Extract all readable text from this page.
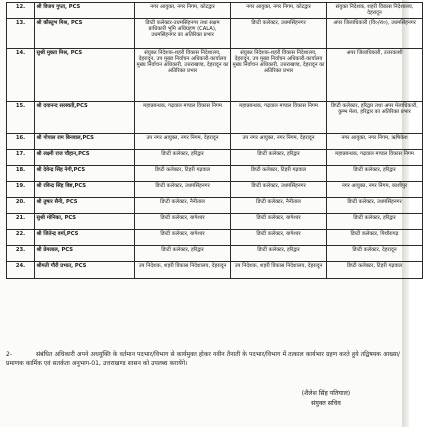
12.	श्री विजय गुप्ता, PCS	नगर आयुक्त, नगर निगम, कोटद्वार	नगर आयुक्त, नगर निगम, कोटद्वार	संयुक्त निदेशक, शहरी विकास निदेशालय, देहरादून
13.	श्री कौस्तुभ मिश्र, PCS	डिप्टी कलेक्टर-उधमसिंहनगर तथा सक्षम प्राधिकारी भूमि अधिग्रहण (CALA), उधमसिंहनगर का अतिरिक्त प्रभार	डिप्टी कलेक्टर, उधमसिंहनगर	अपर जिलाधिकारी (वि०/रा०), उधमसिंहनगर
14.	सुश्री मुक्ता मिश्र, PCS	संयुक्त निदेशक-शहरी विकास निदेशालय, देहरादून, उप मुख्य निर्वाचन अधिकारी-कार्यालय मुख्य निर्वाचन अधिकारी, उत्तराखण्ड, देहरादून का अतिरिक्त प्रभार	संयुक्त निदेशक-शहरी विकास निदेशालय, देहरादून, उप मुख्य निर्वाचन अधिकारी-कार्यालय मुख्य निर्वाचन अधिकारी, उत्तराखण्ड, देहरादून का अतिरिक्त प्रभार	अपर जिलाधिकारी, उत्तरकाशी
15.	श्री दयानन्द सरस्वती,PCS	महाप्रबन्धक, गढ़वाल मण्डल विकास निगम	महाप्रबन्धक, गढ़वाल मण्डल विकास निगम	डिप्टी कलेक्टर, हरिद्वार तथा अपर मेलाधिकारी, कुम्भ मेला, हरिद्वार का अतिरिक्त प्रभार
16.	श्री गोपाल राम बिनवाल,PCS	उप नगर आयुक्त, नगर निगम, देहरादून	उप नगर आयुक्त, नगर निगम, देहरादून	नगर आयुक्त, नगर निगम, ऋषिकेश
17.	श्री लक्ष्मी राज चौहान,PCS	डिप्टी कलेक्टर, हरिद्वार	डिप्टी कलेक्टर, हरिद्वार	महाप्रबन्धक, गढ़वाल मण्डल विकास निगम
18.	श्री देवेन्द्र सिंह नेगी,PCS	डिप्टी कलेक्टर, टिहरी गढ़वाल	डिप्टी कलेक्टर, टिहरी गढ़वाल	डिप्टी कलेक्टर, हरिद्वार
19.	श्री रविन्द्र सिंह बिष्ट,PCS	डिप्टी कलेक्टर, उधमसिंहनगर	डिप्टी कलेक्टर, उधमसिंहनगर	नगर आयुक्त, नगर निगम, काशीपुर
20.	श्री तुषार सैनी, PCS	डिप्टी कलेक्टर, नैनीताल	डिप्टी कलेक्टर, नैनीताल	डिप्टी कलेक्टर, उधमसिंहनगर
21.	सुश्री मोनिका, PCS	डिप्टी कलेक्टर, बागेश्वर	डिप्टी कलेक्टर, बागेश्वर	डिप्टी कलेक्टर, हरिद्वार
22.	श्री जितेन्द्र वर्मा,PCS	डिप्टी कलेक्टर, बागेश्वर	डिप्टी कलेक्टर, बागेश्वर	डिप्टी कलेक्टर, पिथौरागढ़
23.	श्री प्रेमलाल, PCS	डिप्टी कलेक्टर, हरिद्वार	डिप्टी कलेक्टर, हरिद्वार	डिप्टी कलेक्टर, देहरादून
24.	श्रीमती गौरी प्रभात, PCS	उप निदेशक, शहरी विकास निदेशालय, देहरादून	उप निदेशक, शहरी विकास निदेशालय, देहरादून	डिप्टी कलेक्टर, टिहरी गढ़वाल
2-	संबंधित अधिकारी अपने अधयुक्ति के वर्तमान पदभार/विभाग से कार्यमुक्त होकर नवीन तैनाती के पदभार/विभाग में तत्काल कार्यभार ग्रहण करते हुये तद्विषयक आख्या/प्रमाणक कार्मिक एवं सतर्कता अनुभाग-01, उत्तराखण्ड शासन को उपलब्ध करायेंगे।
(शैलेश सिंह पतियाल)
संयुक्त सचिव
